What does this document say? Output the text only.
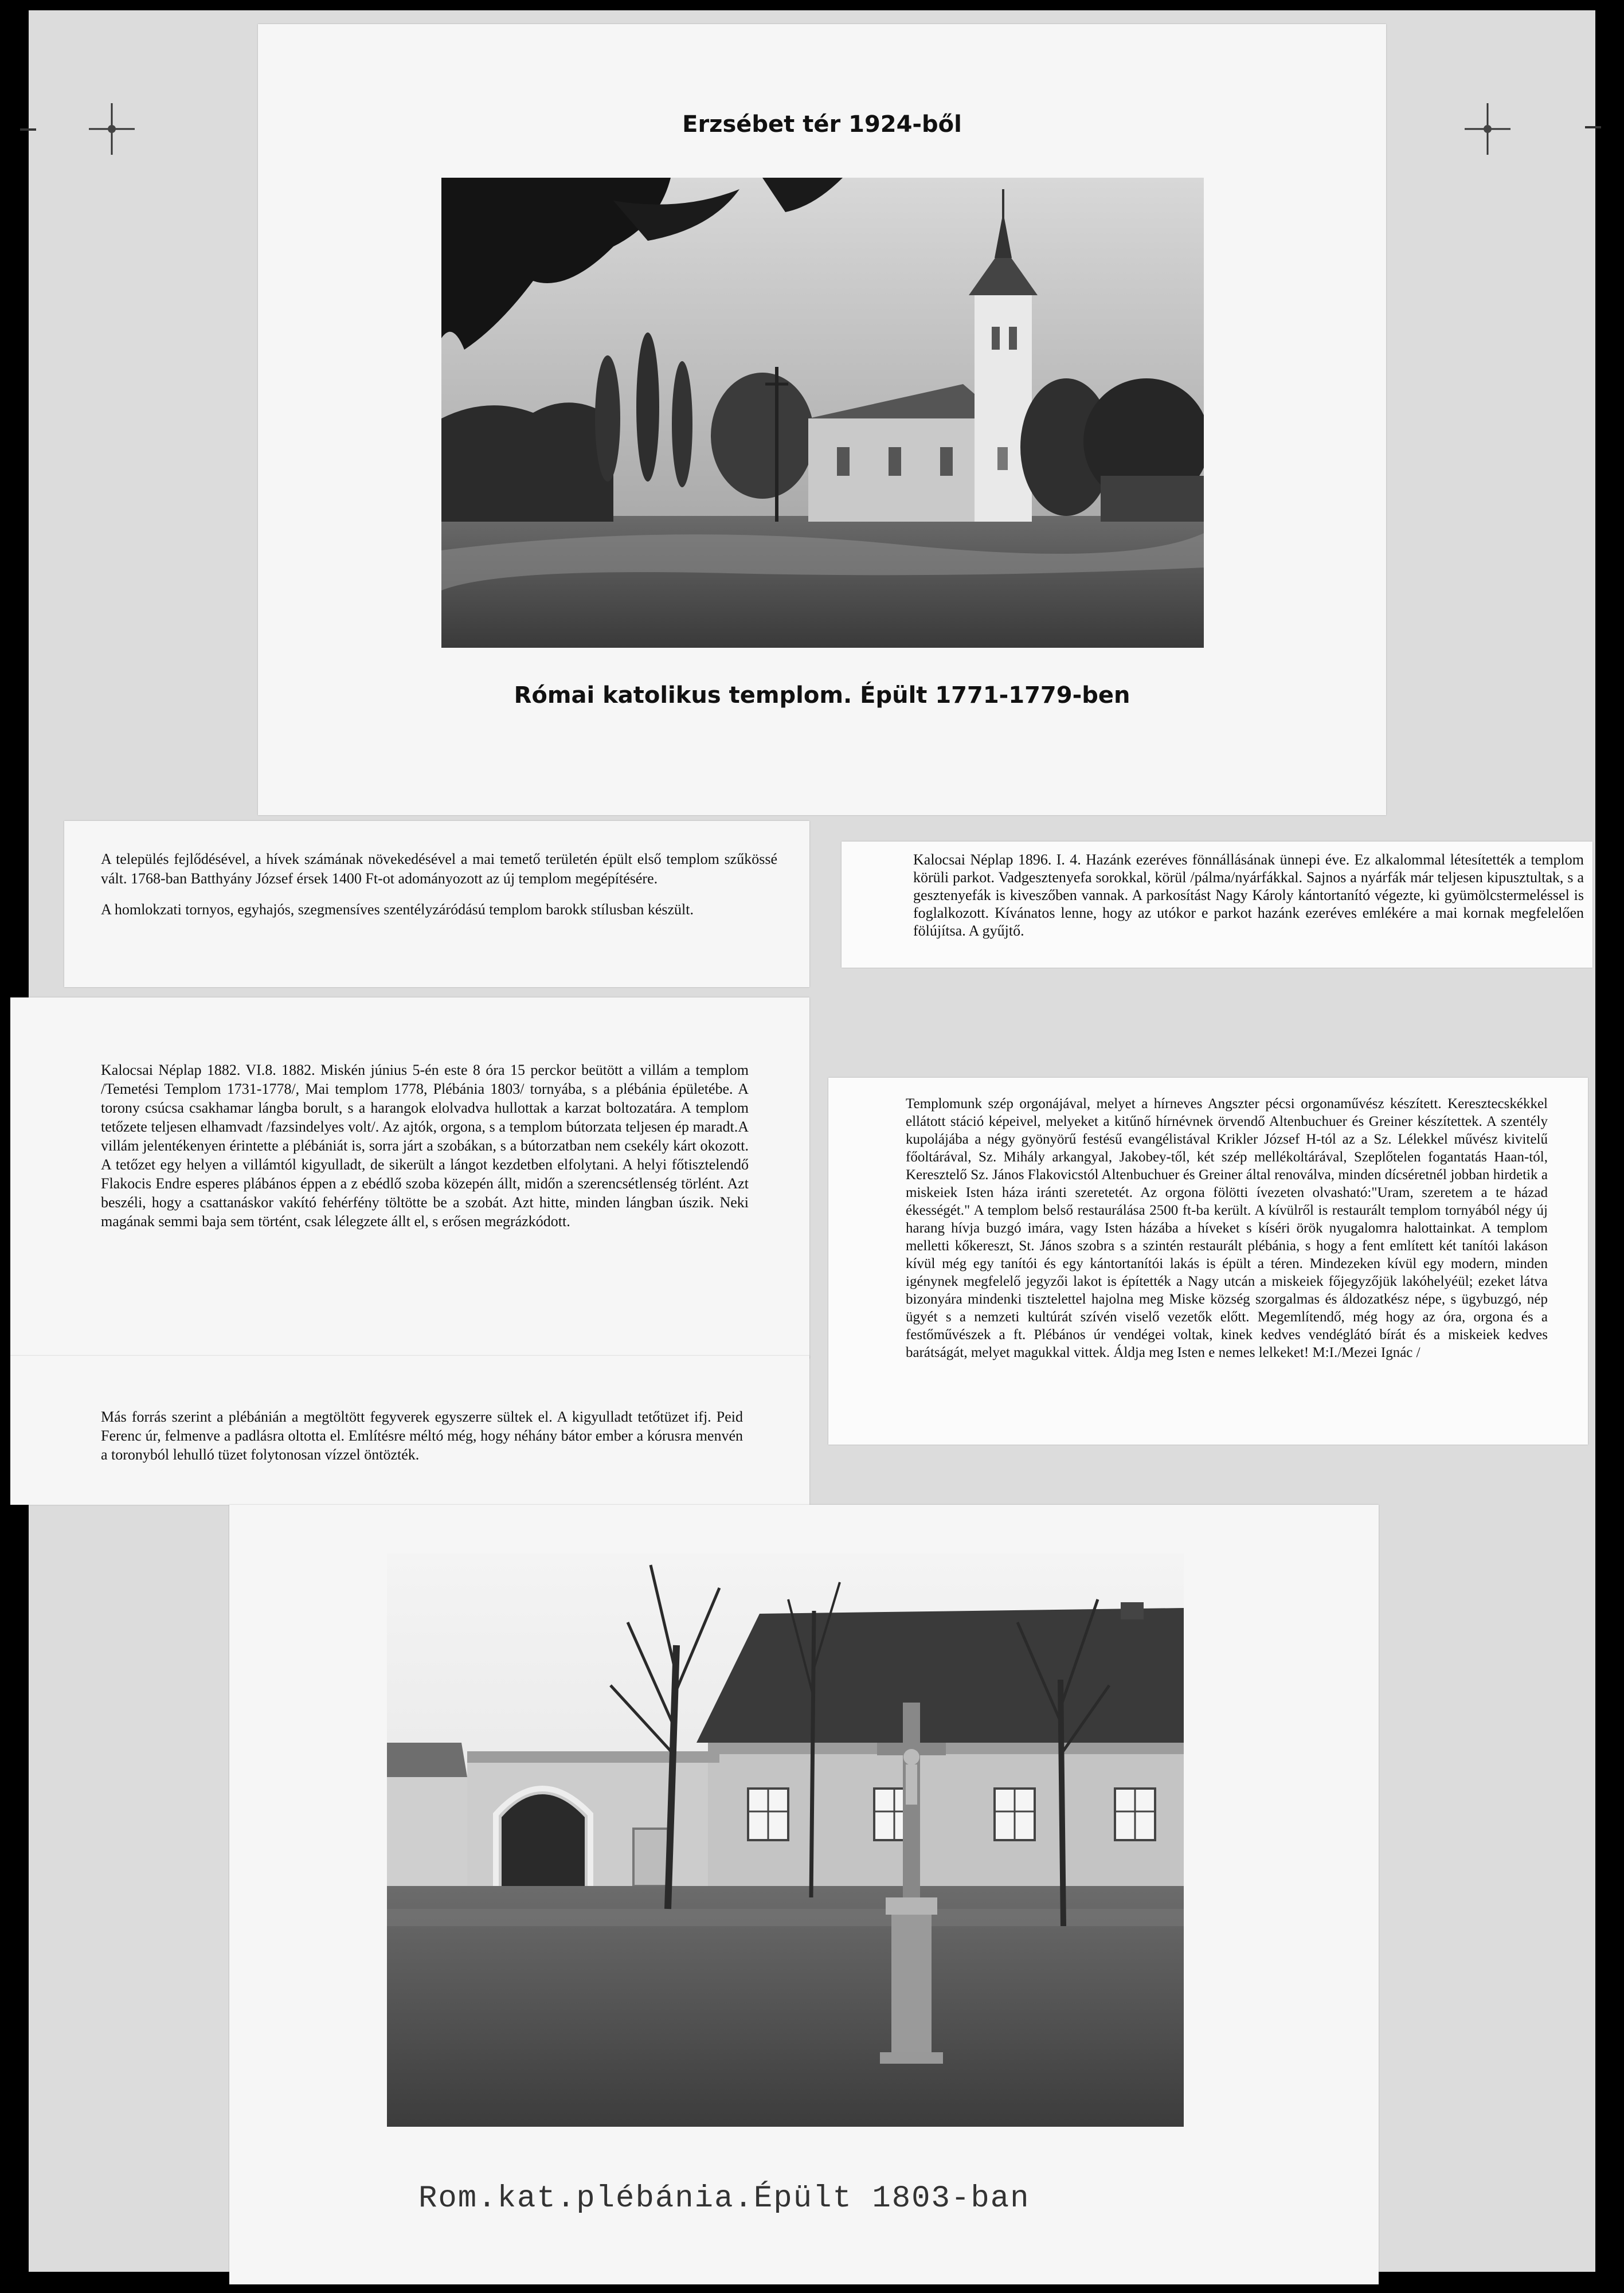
Erzsébet tér 1924-ből
Római katolikus templom. Épült 1771-1779-ben

A település fejlődésével, a hívek számának növekedésével a mai temető területén épült első templom szűkössé vált. 1768-ban Batthyány József érsek 1400 Ft-ot adományozott az új templom megépítésére.

A homlokzati tornyos, egyhajós, szegmensíves szentélyzáródású templom barokk stílusban készült.

Kalocsai Néplap 1896. I. 4. Hazánk ezeréves fönnállásának ünnepi éve. Ez alkalommal létesítették a templom körüli parkot. Vadgesztenyefa sorokkal, körül /pálma/nyárfákkal. Sajnos a nyárfák már teljesen kipusztultak, s a gesztenyefák is kiveszőben vannak. A parkosítást Nagy Károly kántortanító végezte, ki gyümölcstermeléssel is foglalkozott. Kívánatos lenne, hogy az utókor e parkot hazánk ezeréves emlékére a mai kornak megfelelően fölújítsa. A gyűjtő.
Kalocsai Néplap 1882. VI.8. 1882. Miskén június 5-én este 8 óra 15 perckor beütött a villám a templom /Temetési Templom 1731-1778/, Mai templom 1778, Plébánia 1803/ tornyába, s a plébánia épületébe. A torony csúcsa csakhamar lángba borult, s a harangok elolvadva hullottak a karzat boltozatára. A templom tetőzete teljesen elhamvadt /fazsindelyes volt/. Az ajtók, orgona, s a templom bútorzata teljesen ép maradt.A villám jelentékenyen érintette a plébániát is, sorra járt a szobákan, s a bútorzatban nem csekély kárt okozott. A tetőzet egy helyen a villámtól kigyulladt, de sikerült a lángot kezdetben elfolytani. A helyi főtisztelendő Flakocis Endre esperes plábános éppen a z ebédlő szoba közepén állt, midőn a szerencsétlenség törlént. Azt beszéli, hogy a csattanáskor vakító fehérfény töltötte be a szobát. Azt hitte, minden lángban úszik. Neki magának semmi baja sem történt, csak lélegzete állt el, s erősen megrázkódott.
Más forrás szerint a plébánián a megtöltött fegyverek egyszerre sültek el. A kigyulladt tetőtüzet ifj. Peid Ferenc úr, felmenve a padlásra oltotta el. Említésre méltó még, hogy néhány bátor ember a kórusra menvén a toronyból lehulló tüzet folytonosan vízzel öntözték.
Templomunk szép orgonájával, melyet a hírneves Angszter pécsi orgonaművész készített. Keresztecskékkel ellátott stáció képeivel, melyeket a kitűnő hírnévnek örvendő Altenbuchuer és Greiner készítettek. A szentély kupolájába a négy gyönyörű festésű evangélistával Krikler József H-tól az a Sz. Lélekkel művész kivitelű főoltárával, Sz. Mihály arkangyal, Jakobey-től, két szép mellékoltárával, Szeplőtelen fogantatás Haan-tól, Keresztelő Sz. János Flakovicstól Altenbuchuer és Greiner által renoválva, minden dícséretnél jobban hirdetik a miskeiek Isten háza iránti szeretetét. Az orgona fölötti ívezeten olvasható:"Uram, szeretem a te házad ékességét." A templom belső restaurálása 2500 ft-ba került. A kívülről is restaurált templom tornyából négy új harang hívja buzgó imára, vagy Isten házába a híveket s kíséri örök nyugalomra halottainkat. A templom melletti kőkereszt, St. János szobra s a szintén restaurált plébánia, s hogy a fent említett két tanítói lakáson kívül még egy tanítói és egy kántortanítói lakás is épült a téren. Mindezeken kívül egy modern, minden igénynek megfelelő jegyzői lakot is építették a Nagy utcán a miskeiek főjegyzőjük lakóhelyéül; ezeket látva bizonyára mindenki tisztelettel hajolna meg Miske község szorgalmas és áldozatkész népe, s ügybuzgó, nép ügyét s a nemzeti kultúrát szívén viselő vezetők előtt. Megemlítendő, még hogy az óra, orgona és a festőművészek a ft. Plébános úr vendégei voltak, kinek kedves vendéglátó bírát és a miskeiek kedves barátságát, melyet magukkal vittek. Áldja meg Isten e nemes lelkeket! M:I./Mezei Ignác /
Rom.kat.plébánia.Épült 1803-ban
